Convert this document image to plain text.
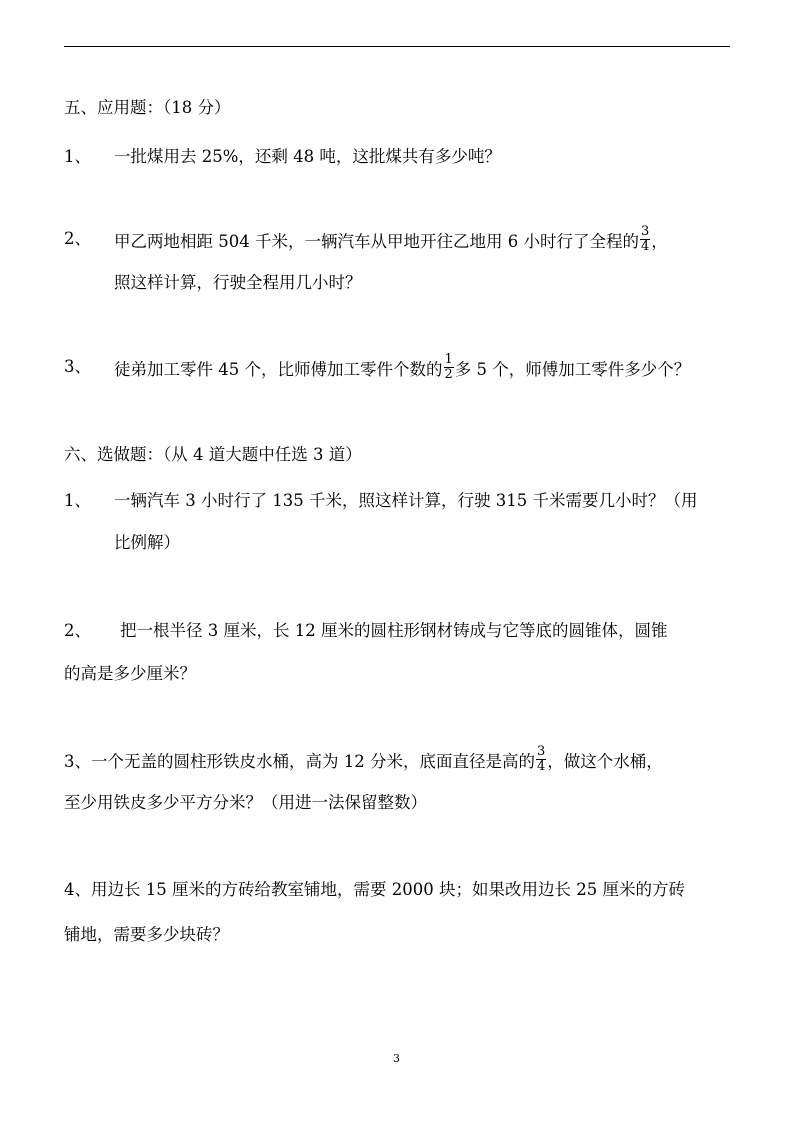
五、应用题：（18 分）
1、 一批煤用去 25%，还剩 48 吨，这批煤共有多少吨？
2、 甲乙两地相距 504 千米，一辆汽车从甲地开往乙地用 6 小时行了全程的 $\frac{3}{4}$ ，
照这样计算，行驶全程用几小时？
3、 徒弟加工零件 45 个，比师傅加工零件个数的 $\frac{1}{2}$ 多 5 个，师傅加工零件多少个？
六、选做题：（从 4 道大题中任选 3 道）
1、 一辆汽车 3 小时行了 135 千米，照这样计算，行驶 315 千米需要几小时？（用
比例解）
2、 把一根半径 3 厘米，长 12 厘米的圆柱形钢材铸成与它等底的圆锥体，圆锥
的高是多少厘米？
3、一个无盖的圆柱形铁皮水桶，高为 12 分米，底面直径是高的 $\frac{3}{4}$ ，做这个水桶，
至少用铁皮多少平方分米？（用进一法保留整数）
4、用边长 15 厘米的方砖给教室铺地，需要 2000 块；如果改用边长 25 厘米的方砖
铺地，需要多少块砖？
3
